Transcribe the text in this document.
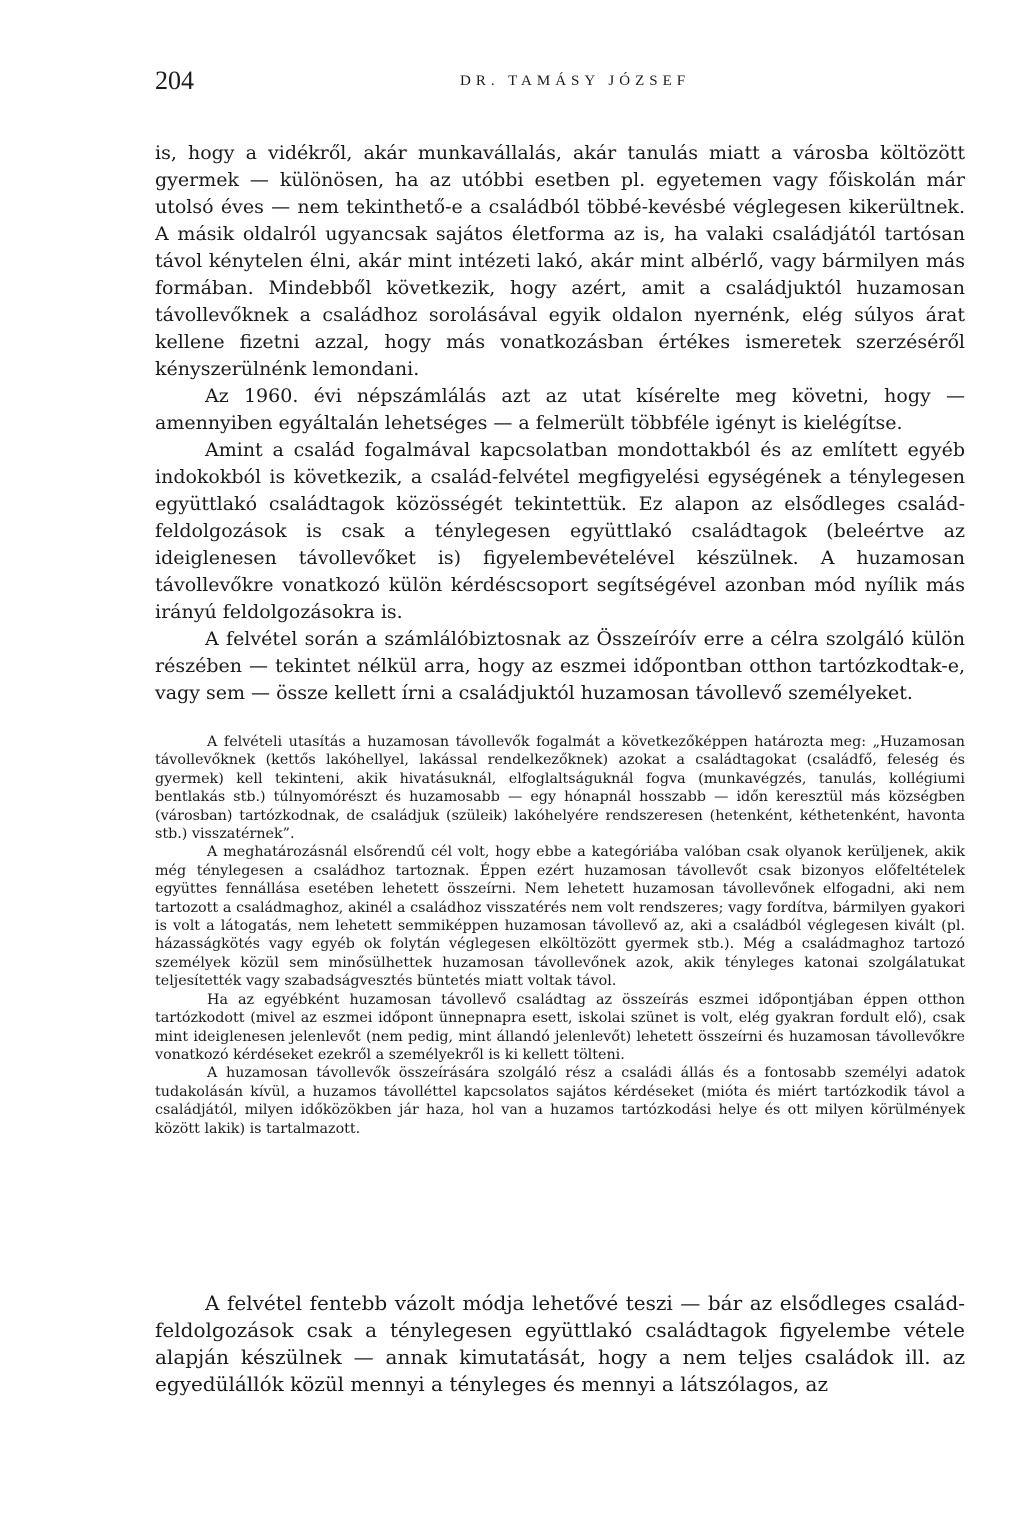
204	DR. TAMÁSY JÓZSEF

is, hogy a vidékről, akár munkavállalás, akár tanulás miatt a városba költözött gyermek — különösen, ha az utóbbi esetben pl. egyetemen vagy főiskolán már utolsó éves — nem tekinthető-e a családból többé-kevésbé véglegesen kikerültnek. A másik oldalról ugyancsak sajátos életforma az is, ha valaki családjától tartósan távol kénytelen élni, akár mint intézeti lakó, akár mint albérlő, vagy bármilyen más formában. Mindebből következik, hogy azért, amit a családjuktól huzamosan távollevőknek a családhoz sorolásával egyik oldalon nyernénk, elég súlyos árat kellene fizetni azzal, hogy más vonatkozásban értékes ismeretek szerzéséről kényszerülnénk lemondani.

Az 1960. évi népszámlálás azt az utat kísérelte meg követni, hogy — amennyiben egyáltalán lehetséges — a felmerült többféle igényt is kielégítse.

Amint a család fogalmával kapcsolatban mondottakból és az említett egyéb indokokból is következik, a család-felvétel megfigyelési egységének a ténylegesen együttlakó családtagok közösségét tekintettük. Ez alapon az elsődleges család-feldolgozások is csak a ténylegesen együttlakó családtagok (beleértve az ideiglenesen távollevőket is) figyelembevételével készülnek. A huzamosan távollevőkre vonatkozó külön kérdéscsoport segítségével azonban mód nyílik más irányú feldolgozásokra is.

A felvétel során a számlálóbiztosnak az Összeíróív erre a célra szolgáló külön részében — tekintet nélkül arra, hogy az eszmei időpontban otthon tartózkodtak-e, vagy sem — össze kellett írni a családjuktól huzamosan távollevő személyeket.

A felvételi utasítás a huzamosan távollevők fogalmát a következőképpen határozta meg: „Huzamosan távollevőknek (kettős lakóhellyel, lakással rendelkezőknek) azokat a családtagokat (családfő, feleség és gyermek) kell tekinteni, akik hivatásuknál, elfoglaltságuknál fogva (munkavégzés, tanulás, kollégiumi bentlakás stb.) túlnyomórészt és huzamosabb — egy hónapnál hosszabb — időn keresztül más községben (városban) tartózkodnak, de családjuk (szüleik) lakóhelyére rendszeresen (hetenként, kéthetenként, havonta stb.) visszatérnek”.

A meghatározásnál elsőrendű cél volt, hogy ebbe a kategóriába valóban csak olyanok kerüljenek, akik még ténylegesen a családhoz tartoznak. Éppen ezért huzamosan távollevőt csak bizonyos előfeltételek együttes fennállása esetében lehetett összeírni. Nem lehetett huzamosan távollevőnek elfogadni, aki nem tartozott a családmaghoz, akinél a családhoz visszatérés nem volt rendszeres; vagy fordítva, bármilyen gyakori is volt a látogatás, nem lehetett semmiképpen huzamosan távollevő az, aki a családból véglegesen kivált (pl. házasságkötés vagy egyéb ok folytán véglegesen elköltözött gyermek stb.). Még a családmaghoz tartozó személyek közül sem minősülhettek huzamosan távollevőnek azok, akik tényleges katonai szolgálatukat teljesítették vagy szabadságvesztés büntetés miatt voltak távol.

Ha az egyébként huzamosan távollevő családtag az összeírás eszmei időpontjában éppen otthon tartózkodott (mivel az eszmei időpont ünnepnapra esett, iskolai szünet is volt, elég gyakran fordult elő), csak mint ideiglenesen jelenlevőt (nem pedig, mint állandó jelenlevőt) lehetett összeírni és huzamosan távollevőkre vonatkozó kérdéseket ezekről a személyekről is ki kellett tölteni.

A huzamosan távollevők összeírására szolgáló rész a családi állás és a fontosabb személyi adatok tudakolásán kívül, a huzamos távolléttel kapcsolatos sajátos kérdéseket (mióta és miért tartózkodik távol a családjától, milyen időközökben jár haza, hol van a huzamos tartózkodási helye és ott milyen körülmények között lakik) is tartalmazott.

A felvétel fentebb vázolt módja lehetővé teszi — bár az elsődleges család-feldolgozások csak a ténylegesen együttlakó családtagok figyelembe vétele alapján készülnek — annak kimutatását, hogy a nem teljes családok ill. az egyedülállók közül mennyi a tényleges és mennyi a látszólagos, az
